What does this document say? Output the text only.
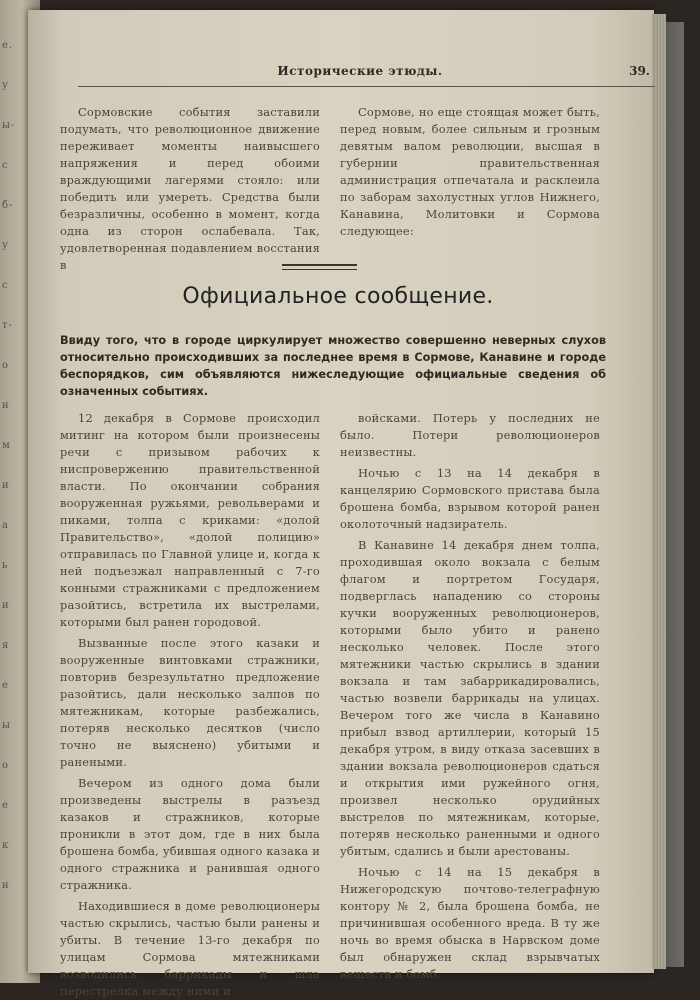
е.
у
ы-
с
б-
у
с
т-
о
н
м
и
а
ь
и
я
е
ы
о
е
к
н
Исторические этюды.	39.

Сормовские события заставили подумать, что революционное движение переживает моменты наивысшего напряжения и перед обоими враждующими лагерями стояло: или победить или умереть. Средства были безразличны, особенно в момент, когда одна из сторон ослабевала. Так, удовлетворенная подавлением восстания в

Сормове, но еще стоящая может быть, перед новым, более сильным и грозным девятым валом революции, высшая в губернии правительственная администрация отпечатала и расклеила по заборам захолустных углов Нижнего, Канавина, Молитовки и Сормова следующее:

Официальное сообщение.
Ввиду того, что в городе циркулирует множество совершенно неверных слухов относительно происходивших за последнее время в Сормове, Канавине и городе беспорядков, сим объявляются нижеследующие официальные сведения об означенных событиях.

12 декабря в Сормове происходил митинг на котором были произнесены речи с призывом рабочих к ниспровержению правительственной власти. По окончании собрания вооруженная ружьями, револьверами и пиками, толпа с криками: «долой Правительство», «долой полицию» отправилась по Главной улице и, когда к ней подъезжал направленный с 7-го конными стражниками с предложением разойтись, встретила их выстрелами, которыми был ранен городовой.

Вызванные после этого казаки и вооруженные винтовками стражники, повторив безрезультатно предложение разойтись, дали несколько залпов по мятежникам, которые разбежались, потеряв несколько десятков (число точно не выяснено) убитыми и ранеными.

Вечером из одного дома были произведены выстрелы в разъезд казаков и стражников, которые проникли в этот дом, где в них была брошена бомба, убившая одного казака и одного стражника и ранившая одного стражника.

Находившиеся в доме революционеры частью скрылись, частью были ранены и убиты. В течение 13-го декабря по улицам Сормова мятежниками возводились баррикады и шла перестрелка между ними и

войсками. Потерь у последних не было. Потери революционеров неизвестны.

Ночью с 13 на 14 декабря в канцелярию Сормовского пристава была брошена бомба, взрывом которой ранен околоточный надзиратель.

В Канавине 14 декабря днем толпа, проходившая около вокзала с белым флагом и портретом Государя, подверглась нападению со стороны кучки вооруженных революционеров, которыми было убито и ранено несколько человек. После этого мятежники частью скрылись в здании вокзала и там забаррикадировались, частью возвели баррикады на улицах. Вечером того же числа в Канавино прибыл взвод артиллерии, который 15 декабря утром, в виду отказа засевших в здании вокзала революционеров сдаться и открытия ими ружейного огня, произвел несколько орудийных выстрелов по мятежникам, которые, потеряв несколько раненными и одного убитым, сдались и были арестованы.

Ночью с 14 на 15 декабря в Нижегородскую почтово-телеграфную контору № 2, была брошена бомба, не причинившая особенного вреда. В ту же ночь во время обыска в Нарвском доме был обнаружен склад взрывчатых веществ и бомб.
